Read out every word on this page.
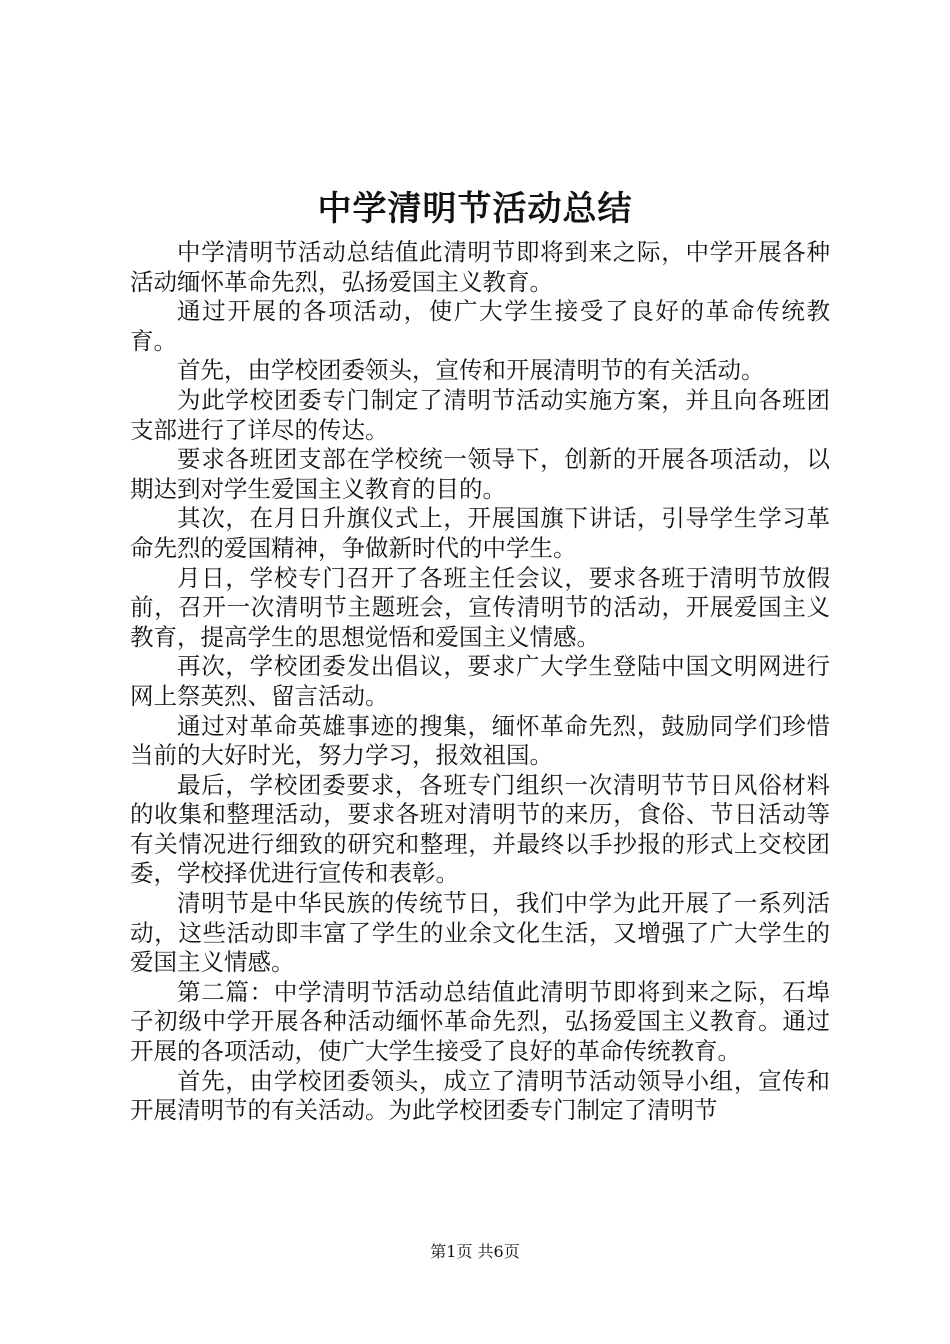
中学清明节活动总结

中学清明节活动总结值此清明节即将到来之际，中学开展各种活动缅怀革命先烈，弘扬爱国主义教育。

通过开展的各项活动，使广大学生接受了良好的革命传统教育。

首先，由学校团委领头，宣传和开展清明节的有关活动。

为此学校团委专门制定了清明节活动实施方案，并且向各班团支部进行了详尽的传达。

要求各班团支部在学校统一领导下，创新的开展各项活动，以期达到对学生爱国主义教育的目的。

其次，在月日升旗仪式上，开展国旗下讲话，引导学生学习革命先烈的爱国精神，争做新时代的中学生。

月日，学校专门召开了各班主任会议，要求各班于清明节放假前，召开一次清明节主题班会，宣传清明节的活动，开展爱国主义教育，提高学生的思想觉悟和爱国主义情感。

再次，学校团委发出倡议，要求广大学生登陆中国文明网进行网上祭英烈、留言活动。

通过对革命英雄事迹的搜集，缅怀革命先烈，鼓励同学们珍惜当前的大好时光，努力学习，报效祖国。

最后，学校团委要求，各班专门组织一次清明节节日风俗材料的收集和整理活动，要求各班对清明节的来历，食俗、节日活动等有关情况进行细致的研究和整理，并最终以手抄报的形式上交校团委，学校择优进行宣传和表彰。

清明节是中华民族的传统节日，我们中学为此开展了一系列活动，这些活动即丰富了学生的业余文化生活，又增强了广大学生的爱国主义情感。

第二篇：中学清明节活动总结值此清明节即将到来之际，石埠子初级中学开展各种活动缅怀革命先烈，弘扬爱国主义教育。通过开展的各项活动，使广大学生接受了良好的革命传统教育。

首先，由学校团委领头，成立了清明节活动领导小组，宣传和开展清明节的有关活动。为此学校团委专门制定了清明节

第1页 共6页
